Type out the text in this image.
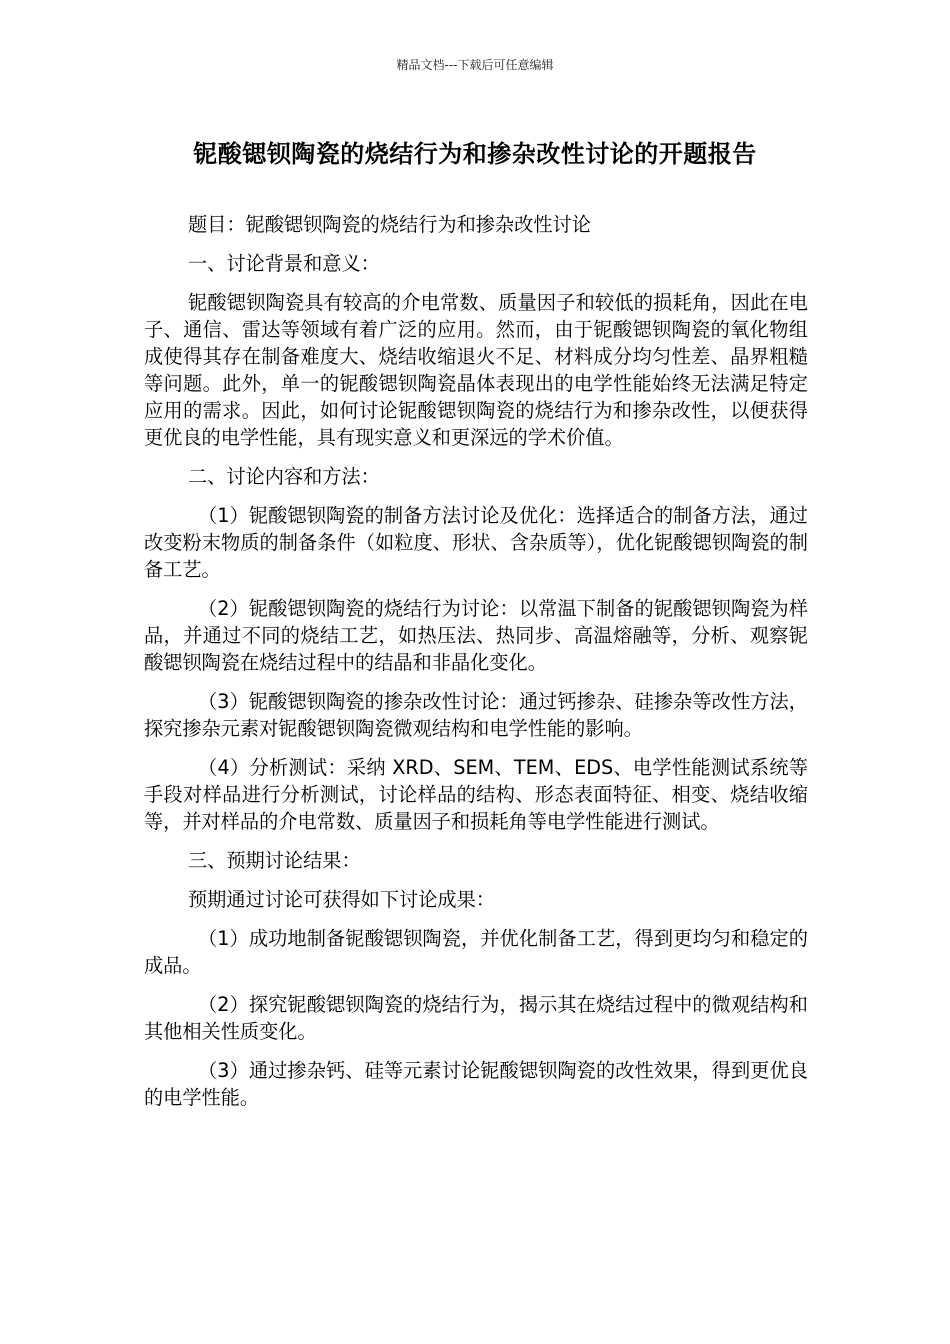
精品文档---下载后可任意编辑
铌酸锶钡陶瓷的烧结行为和掺杂改性讨论的开题报告

题目：铌酸锶钡陶瓷的烧结行为和掺杂改性讨论

一、讨论背景和意义：

铌酸锶钡陶瓷具有较高的介电常数、质量因子和较低的损耗角，因此在电子、通信、雷达等领域有着广泛的应用。然而，由于铌酸锶钡陶瓷的氧化物组成使得其存在制备难度大、烧结收缩退火不足、材料成分均匀性差、晶界粗糙等问题。此外，单一的铌酸锶钡陶瓷晶体表现出的电学性能始终无法满足特定应用的需求。因此，如何讨论铌酸锶钡陶瓷的烧结行为和掺杂改性，以便获得更优良的电学性能，具有现实意义和更深远的学术价值。

二、讨论内容和方法：

（1）铌酸锶钡陶瓷的制备方法讨论及优化：选择适合的制备方法，通过改变粉末物质的制备条件（如粒度、形状、含杂质等），优化铌酸锶钡陶瓷的制备工艺。

（2）铌酸锶钡陶瓷的烧结行为讨论：以常温下制备的铌酸锶钡陶瓷为样品，并通过不同的烧结工艺，如热压法、热同步、高温熔融等，分析、观察铌酸锶钡陶瓷在烧结过程中的结晶和非晶化变化。

（3）铌酸锶钡陶瓷的掺杂改性讨论：通过钙掺杂、硅掺杂等改性方法，探究掺杂元素对铌酸锶钡陶瓷微观结构和电学性能的影响。

（4）分析测试：采纳 XRD、SEM、TEM、EDS、电学性能测试系统等手段对样品进行分析测试，讨论样品的结构、形态表面特征、相变、烧结收缩等，并对样品的介电常数、质量因子和损耗角等电学性能进行测试。

三、预期讨论结果：

预期通过讨论可获得如下讨论成果：

（1）成功地制备铌酸锶钡陶瓷，并优化制备工艺，得到更均匀和稳定的成品。

（2）探究铌酸锶钡陶瓷的烧结行为，揭示其在烧结过程中的微观结构和其他相关性质变化。

（3）通过掺杂钙、硅等元素讨论铌酸锶钡陶瓷的改性效果，得到更优良的电学性能。
